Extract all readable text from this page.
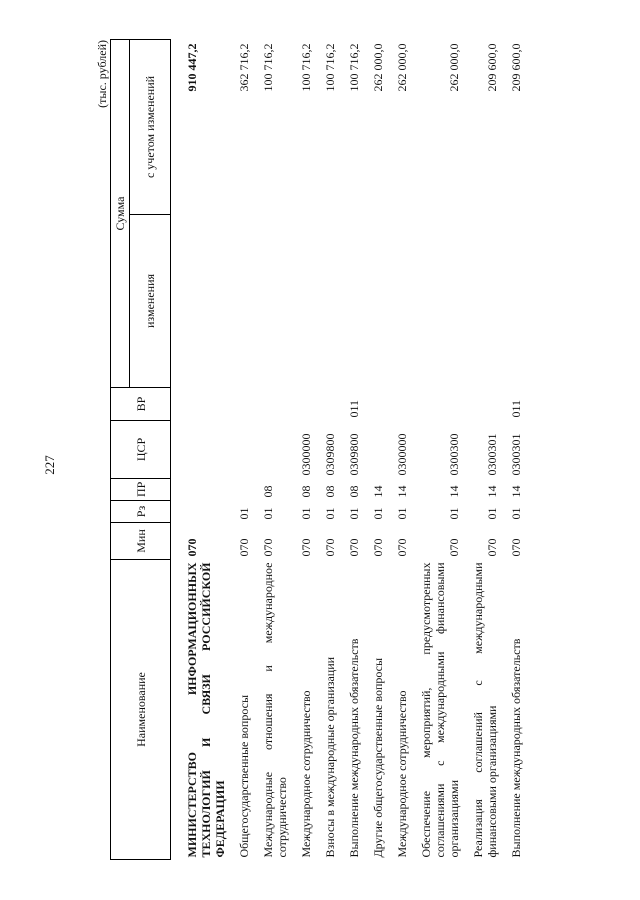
227
(тыс. рублей)
Наименование	Мин	Рз	ПР	ЦСР	ВР	Сумма	
						изменения	с учетом изменений
МИНИСТЕРСТВО ИНФОРМАЦИОННЫХ ТЕХНОЛОГИЙ И СВЯЗИ РОССИЙСКОЙ ФЕДЕРАЦИИ	070						910 447,2
Общегосударственные вопросы	070	01					362 716,2
Международные отношения и международное сотрудничество	070	01	08				100 716,2
Международное сотрудничество	070	01	08	0300000			100 716,2
Взносы в международные организации	070	01	08	0309800			100 716,2
Выполнение международных обязательств	070	01	08	0309800	011		100 716,2
Другие общегосударственные вопросы	070	01	14				262 000,0
Международное сотрудничество	070	01	14	0300000			262 000,0
Обеспечение мероприятий, предусмотренных соглашениями с международными финансовыми организациями	070	01	14	0300300			262 000,0
Реализация соглашений с международными финансовыми организациями	070	01	14	0300301			209 600,0
Выполнение международных обязательств	070	01	14	0300301	011		209 600,0
